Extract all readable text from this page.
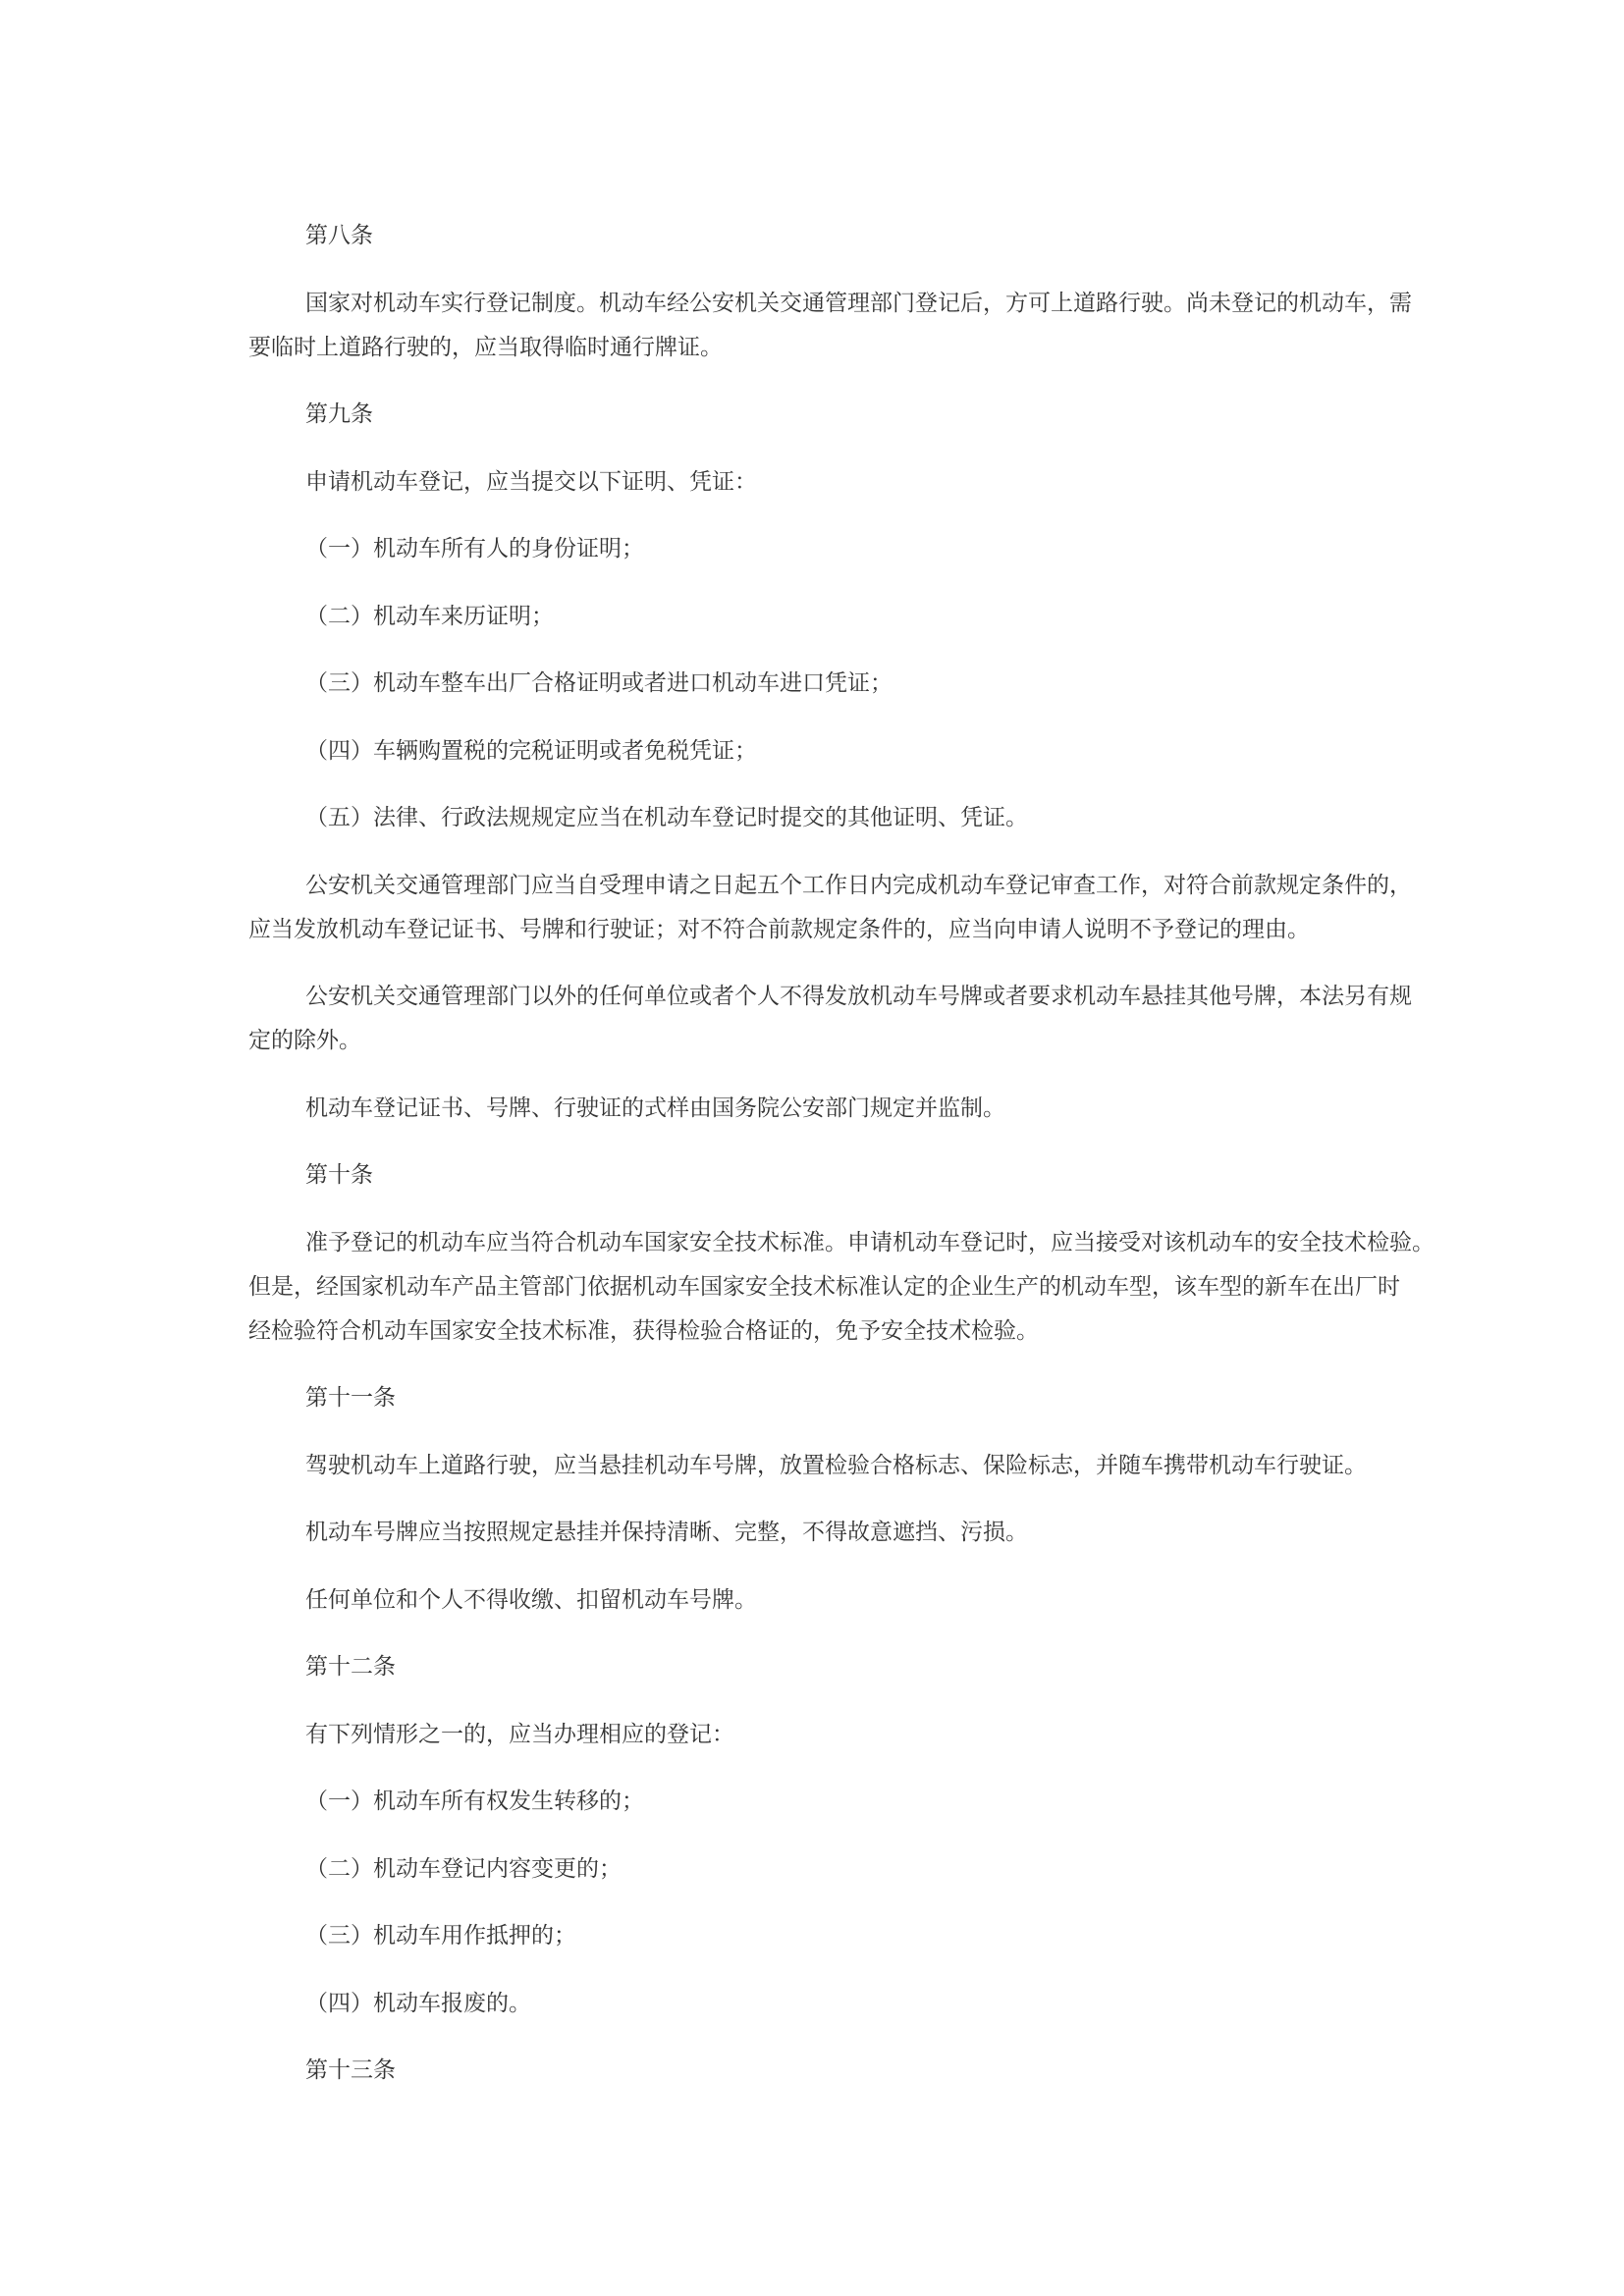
第八条
国家对机动车实行登记制度。机动车经公安机关交通管理部门登记后，方可上道路行驶。尚未登记的机动车，需
要临时上道路行驶的，应当取得临时通行牌证。
第九条
申请机动车登记，应当提交以下证明、凭证：
（一）机动车所有人的身份证明；
（二）机动车来历证明；
（三）机动车整车出厂合格证明或者进口机动车进口凭证；
（四）车辆购置税的完税证明或者免税凭证；
（五）法律、行政法规规定应当在机动车登记时提交的其他证明、凭证。
公安机关交通管理部门应当自受理申请之日起五个工作日内完成机动车登记审查工作，对符合前款规定条件的，
应当发放机动车登记证书、号牌和行驶证；对不符合前款规定条件的，应当向申请人说明不予登记的理由。
公安机关交通管理部门以外的任何单位或者个人不得发放机动车号牌或者要求机动车悬挂其他号牌，本法另有规
定的除外。
机动车登记证书、号牌、行驶证的式样由国务院公安部门规定并监制。
第十条
准予登记的机动车应当符合机动车国家安全技术标准。申请机动车登记时，应当接受对该机动车的安全技术检验。
但是，经国家机动车产品主管部门依据机动车国家安全技术标准认定的企业生产的机动车型，该车型的新车在出厂时
经检验符合机动车国家安全技术标准，获得检验合格证的，免予安全技术检验。
第十一条
驾驶机动车上道路行驶，应当悬挂机动车号牌，放置检验合格标志、保险标志，并随车携带机动车行驶证。
机动车号牌应当按照规定悬挂并保持清晰、完整，不得故意遮挡、污损。
任何单位和个人不得收缴、扣留机动车号牌。
第十二条
有下列情形之一的，应当办理相应的登记：
（一）机动车所有权发生转移的；
（二）机动车登记内容变更的；
（三）机动车用作抵押的；
（四）机动车报废的。
第十三条
